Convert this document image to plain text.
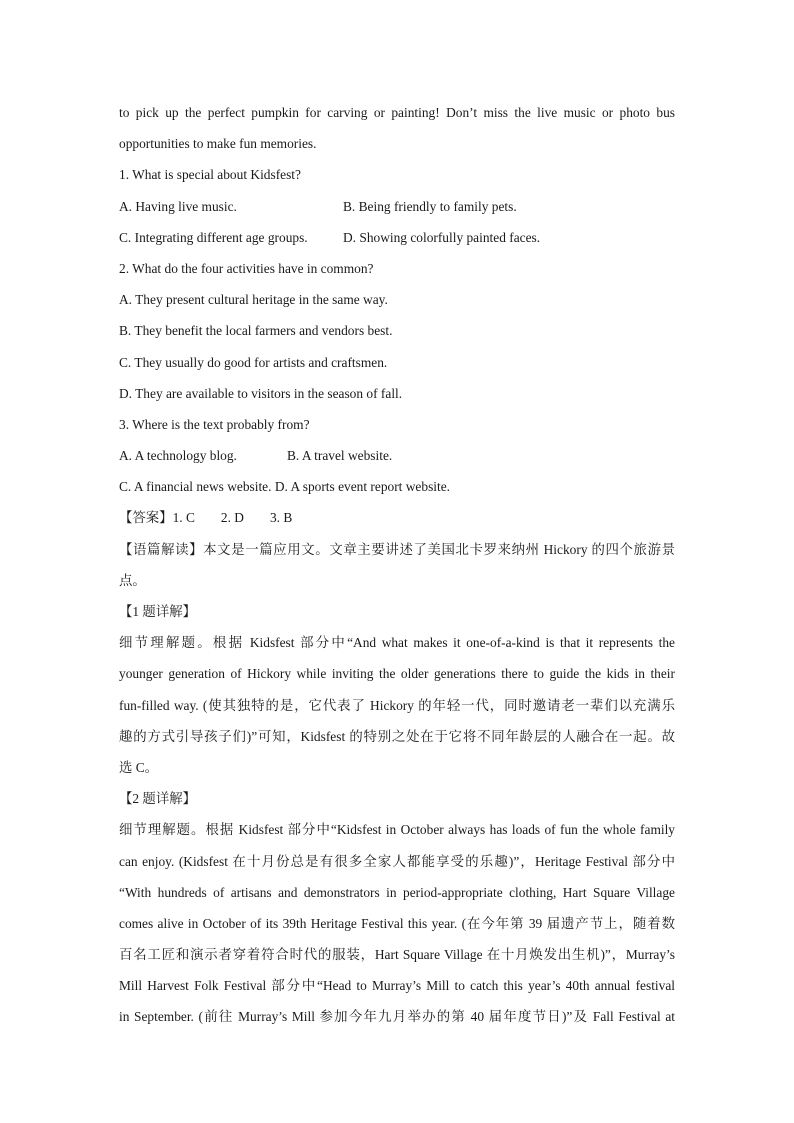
to pick up the perfect pumpkin for carving or painting! Don’t miss the live music or photo bus
opportunities to make fun memories.
1. What is special about Kidsfest?
A. Having live music.	B. Being friendly to family pets.
C. Integrating different age groups.	D. Showing colorfully painted faces.
2. What do the four activities have in common?
A. They present cultural heritage in the same way.
B. They benefit the local farmers and vendors best.
C. They usually do good for artists and craftsmen.
D. They are available to visitors in the season of fall.
3. Where is the text probably from?
A. A technology blog.	B. A travel website.
C. A financial news website. D. A sports event report website.
【答案】1. C 2. D 3. B
【语篇解读】本文是一篇应用文。文章主要讲述了美国北卡罗来纳州 Hickory 的四个旅游景
点。
【1 题详解】
细节理解题。根据 Kidsfest 部分中“And what makes it one-of-a-kind is that it represents the
younger generation of Hickory while inviting the older generations there to guide the kids in their
fun-filled way. (使其独特的是，它代表了 Hickory 的年轻一代，同时邀请老一辈们以充满乐
趣的方式引导孩子们)”可知，Kidsfest 的特别之处在于它将不同年龄层的人融合在一起。故
选 C。
【2 题详解】
细节理解题。根据 Kidsfest 部分中“Kidsfest in October always has loads of fun the whole family
can enjoy. (Kidsfest 在十月份总是有很多全家人都能享受的乐趣)”，Heritage Festival 部分中
“With hundreds of artisans and demonstrators in period-appropriate clothing, Hart Square Village
comes alive in October of its 39th Heritage Festival this year. (在今年第 39 届遗产节上，随着数
百名工匠和演示者穿着符合时代的服装，Hart Square Village 在十月焕发出生机)”，Murray’s
Mill Harvest Folk Festival 部分中“Head to Murray’s Mill to catch this year’s 40th annual festival
in September. (前往 Murray’s Mill 参加今年九月举办的第 40 届年度节日)”及 Fall Festival at
